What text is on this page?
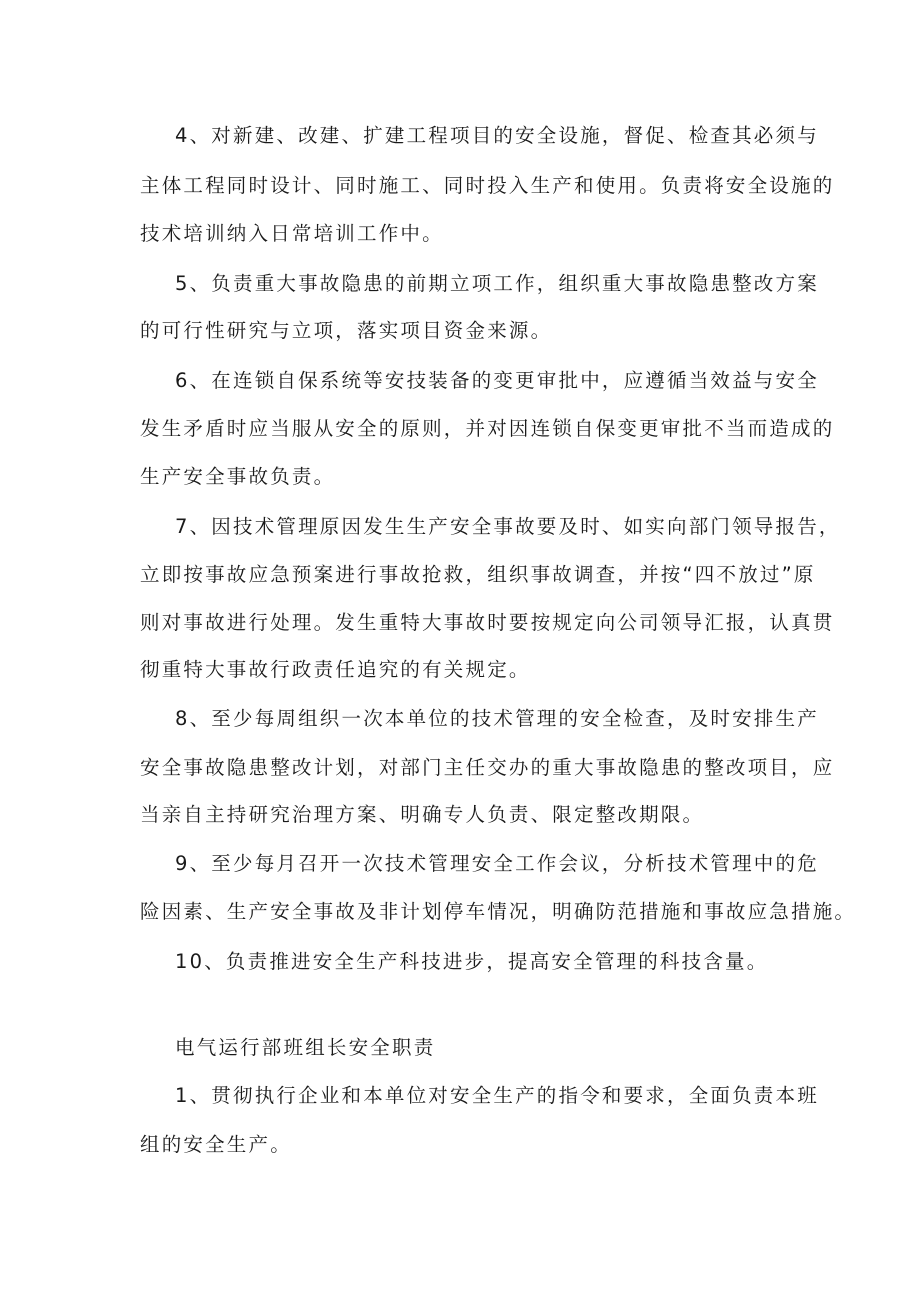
4、对新建、改建、扩建工程项目的安全设施，督促、检查其必须与
主体工程同时设计、同时施工、同时投入生产和使用。负责将安全设施的
技术培训纳入日常培训工作中。
5、负责重大事故隐患的前期立项工作，组织重大事故隐患整改方案
的可行性研究与立项，落实项目资金来源。
6、在连锁自保系统等安技装备的变更审批中，应遵循当效益与安全
发生矛盾时应当服从安全的原则，并对因连锁自保变更审批不当而造成的
生产安全事故负责。
7、因技术管理原因发生生产安全事故要及时、如实向部门领导报告，
立即按事故应急预案进行事故抢救，组织事故调查，并按“四不放过”原
则对事故进行处理。发生重特大事故时要按规定向公司领导汇报，认真贯
彻重特大事故行政责任追究的有关规定。
8、至少每周组织一次本单位的技术管理的安全检查，及时安排生产
安全事故隐患整改计划，对部门主任交办的重大事故隐患的整改项目，应
当亲自主持研究治理方案、明确专人负责、限定整改期限。
9、至少每月召开一次技术管理安全工作会议，分析技术管理中的危
险因素、生产安全事故及非计划停车情况，明确防范措施和事故应急措施。
10、负责推进安全生产科技进步，提高安全管理的科技含量。
电气运行部班组长安全职责
1、贯彻执行企业和本单位对安全生产的指令和要求，全面负责本班
组的安全生产。
